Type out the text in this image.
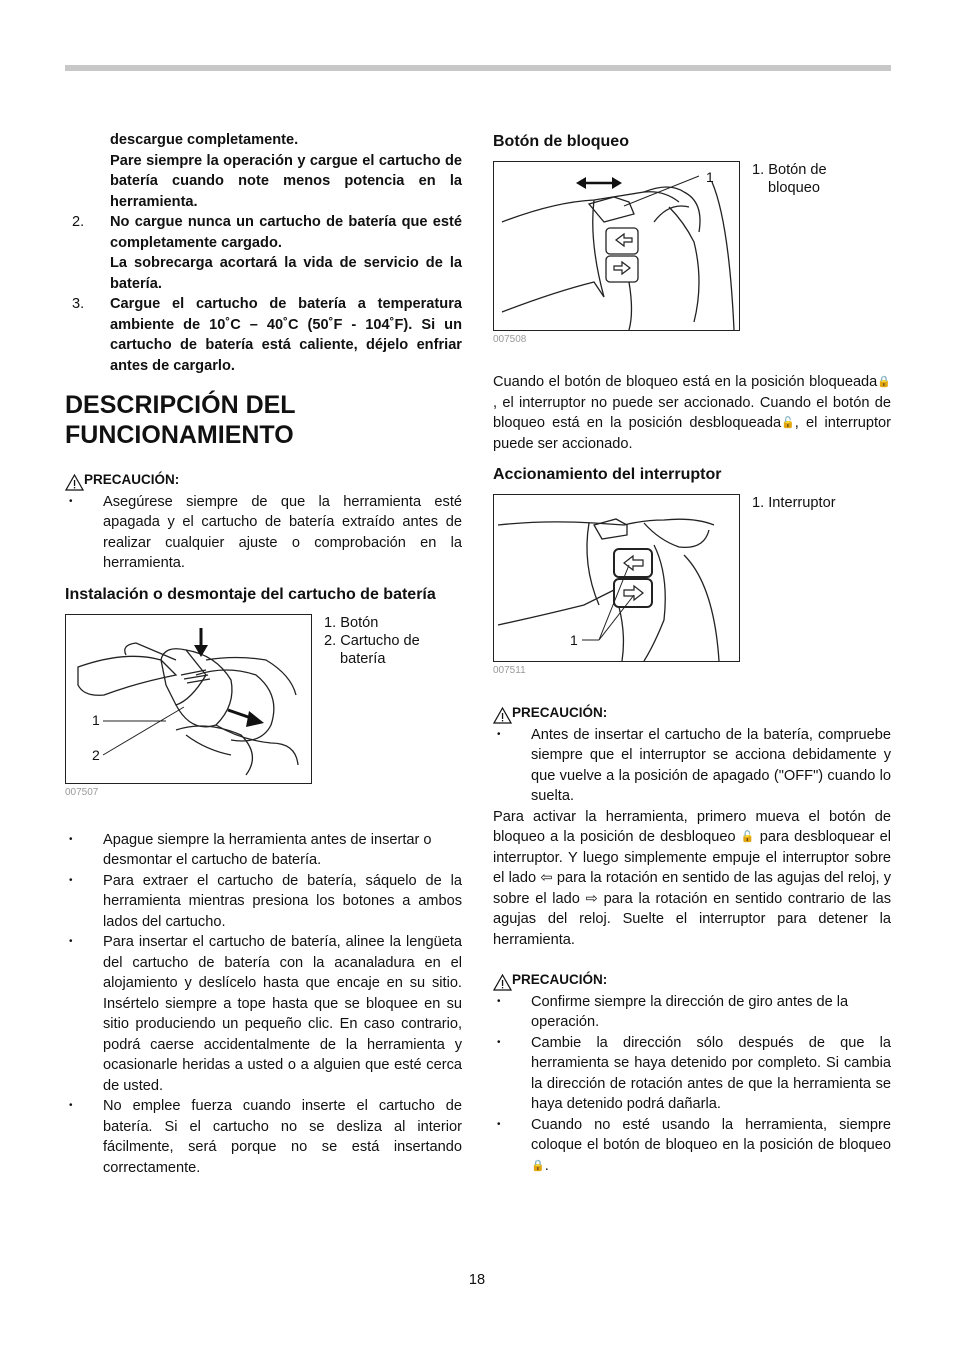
descargue completamente.
Pare siempre la operación y cargue el cartucho de batería cuando note menos potencia en la herramienta.
2.	No cargue nunca un cartucho de batería que esté completamente cargado.
La sobrecarga acortará la vida de servicio de la batería.
3.	Cargue el cartucho de batería a temperatura ambiente de 10˚C – 40˚C (50˚F - 104˚F). Si un cartucho de batería está caliente, déjelo enfriar antes de cargarlo.
DESCRIPCIÓN DEL
FUNCIONAMIENTO
PRECAUCIÓN:
•	Asegúrese siempre de que la herramienta esté apagada y el cartucho de batería extraído antes de realizar cualquier ajuste o comprobación en la herramienta.
Instalación o desmontaje del cartucho de batería
1
2
1. Botón
2. Cartucho de
batería
007507
•	Apague siempre la herramienta antes de insertar o desmontar el cartucho de batería.
•	Para extraer el cartucho de batería, sáquelo de la herramienta mientras presiona los botones a ambos lados del cartucho.
•	Para insertar el cartucho de batería, alinee la lengüeta del cartucho de batería con la acanaladura en el alojamiento y deslícelo hasta que encaje en su sitio. Insértelo siempre a tope hasta que se bloquee en su sitio produciendo un pequeño clic. En caso contrario, podrá caerse accidentalmente de la herramienta y ocasionarle heridas a usted o a alguien que esté cerca de usted.
•	No emplee fuerza cuando inserte el cartucho de batería. Si el cartucho no se desliza al interior fácilmente, será porque no se está insertando correctamente.
Botón de bloqueo
1	1. Botón de
bloqueo
007508
Cuando el botón de bloqueo está en la posición bloqueada🔒, el interruptor no puede ser accionado. Cuando el botón de bloqueo está en la posición desbloqueada🔓, el interruptor puede ser accionado.
Accionamiento del interruptor
1
1. Interruptor
007511
PRECAUCIÓN:
•	Antes de insertar el cartucho de la batería, compruebe siempre que el interruptor se acciona debidamente y que vuelve a la posición de apagado ("OFF") cuando lo suelta.
Para activar la herramienta, primero mueva el botón de bloqueo a la posición de desbloqueo 🔓 para desbloquear el interruptor. Y luego simplemente empuje el interruptor sobre el lado ⇦ para la rotación en sentido de las agujas del reloj, y sobre el lado ⇨ para la rotación en sentido contrario de las agujas del reloj. Suelte el interruptor para detener la herramienta.
PRECAUCIÓN:
•	Confirme siempre la dirección de giro antes de la operación.
•	Cambie la dirección sólo después de que la herramienta se haya detenido por completo. Si cambia la dirección de rotación antes de que la herramienta se haya detenido podrá dañarla.
•	Cuando no esté usando la herramienta, siempre coloque el botón de bloqueo en la posición de bloqueo🔒.
18
